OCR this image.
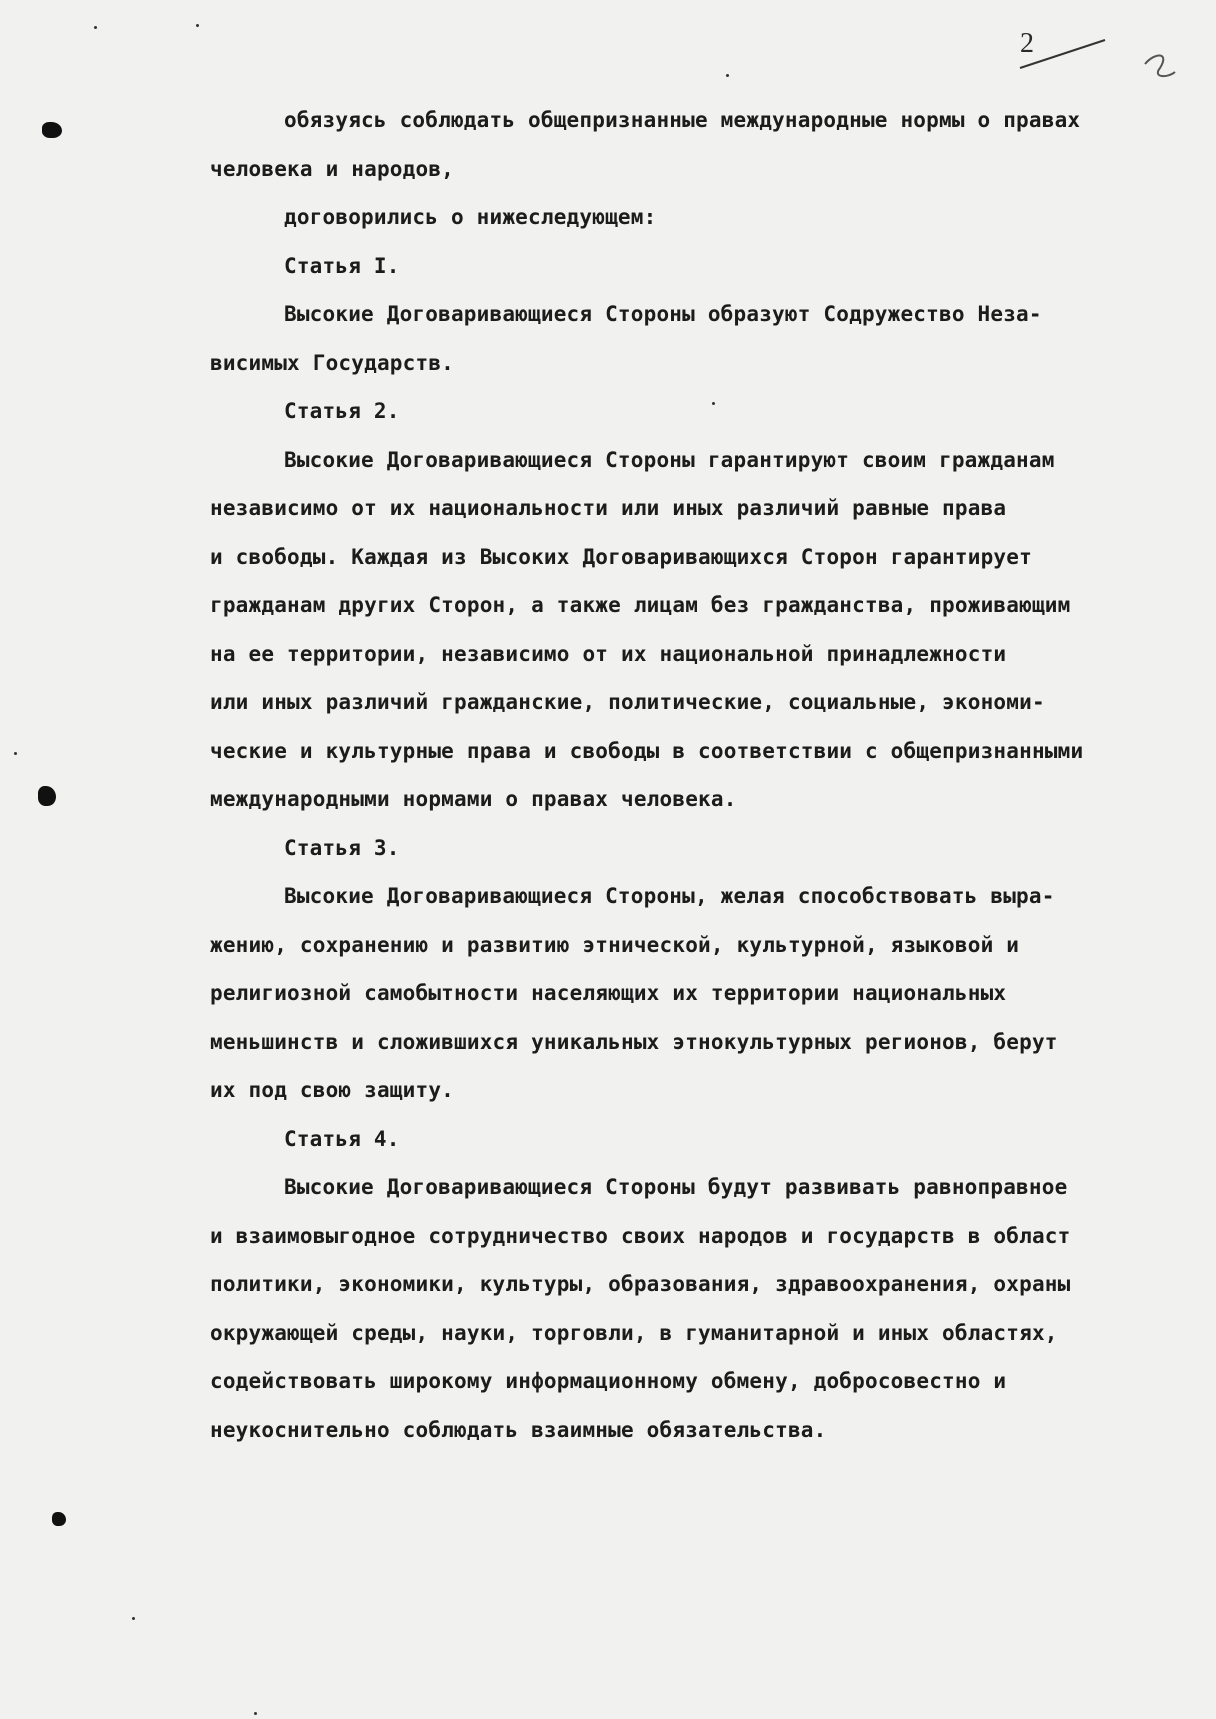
2
обязуясь соблюдать общепризнанные международные нормы о правах
человека и народов,
договорились о нижеследующем:
Статья I.
Высокие Договаривающиеся Стороны образуют Содружество Неза-
висимых Государств.
Статья 2.
Высокие Договаривающиеся Стороны гарантируют своим гражданам
независимо от их национальности или иных различий равные права
и свободы. Каждая из Высоких Договаривающихся Сторон гарантирует
гражданам других Сторон, а также лицам без гражданства, проживающим
на ее территории, независимо от их национальной принадлежности
или иных различий гражданские, политические, социальные, экономи-
ческие и культурные права и свободы в соответствии с общепризнанными
международными нормами о правах человека.
Статья 3.
Высокие Договаривающиеся Стороны, желая способствовать выра-
жению, сохранению и развитию этнической, культурной, языковой и
религиозной самобытности населяющих их территории национальных
меньшинств и сложившихся уникальных этнокультурных регионов, берут
их под свою защиту.
Статья 4.
Высокие Договаривающиеся Стороны будут развивать равноправное
и взаимовыгодное сотрудничество своих народов и государств в област
политики, экономики, культуры, образования, здравоохранения, охраны
окружающей среды, науки, торговли, в гуманитарной и иных областях,
содействовать широкому информационному обмену, добросовестно и
неукоснительно соблюдать взаимные обязательства.
